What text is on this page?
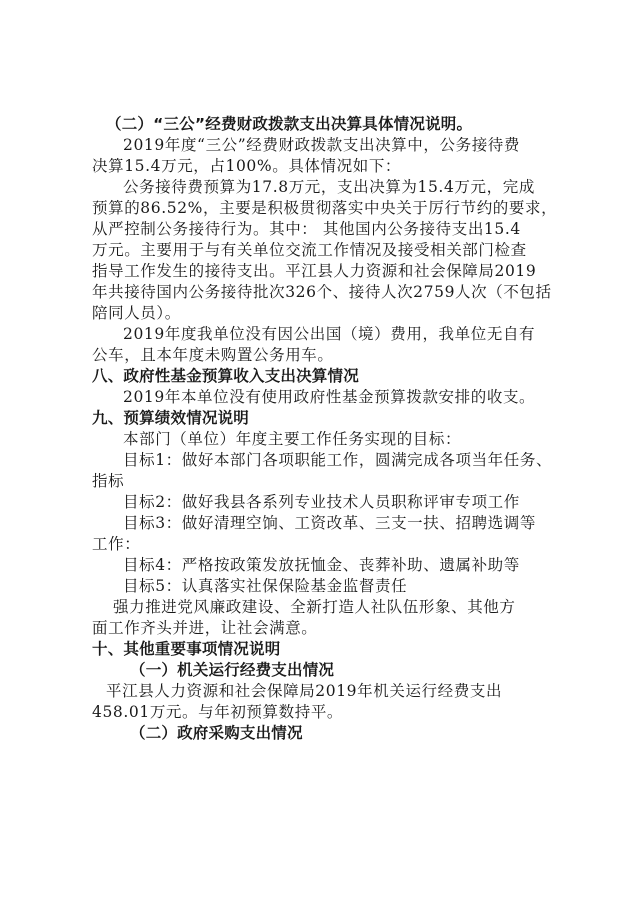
（二）“三公”经费财政拨款支出决算具体情况说明。
2019年度“三公”经费财政拨款支出决算中，公务接待费
决算15.4万元，占100%。具体情况如下：
公务接待费预算为17.8万元，支出决算为15.4万元，完成
预算的86.52%，主要是积极贯彻落实中央关于厉行节约的要求，
从严控制公务接待行为。其中： 其他国内公务接待支出15.4
万元。主要用于与有关单位交流工作情况及接受相关部门检查
指导工作发生的接待支出。平江县人力资源和社会保障局2019
年共接待国内公务接待批次326个、接待人次2759人次（不包括
陪同人员）。
2019年度我单位没有因公出国（境）费用，我单位无自有
公车，且本年度未购置公务用车。
八、政府性基金预算收入支出决算情况
2019年本单位没有使用政府性基金预算拨款安排的收支。
九、预算绩效情况说明
本部门（单位）年度主要工作任务实现的目标：
目标1：做好本部门各项职能工作，圆满完成各项当年任务、
指标
目标2：做好我县各系列专业技术人员职称评审专项工作
目标3：做好清理空饷、工资改革、三支一扶、招聘选调等
工作：
目标4：严格按政策发放抚恤金、丧葬补助、遗属补助等
目标5：认真落实社保保险基金监督责任
强力推进党风廉政建设、全新打造人社队伍形象、其他方
面工作齐头并进，让社会满意。
十、其他重要事项情况说明
（一）机关运行经费支出情况
平江县人力资源和社会保障局2019年机关运行经费支出
458.01万元。与年初预算数持平。
（二）政府采购支出情况
